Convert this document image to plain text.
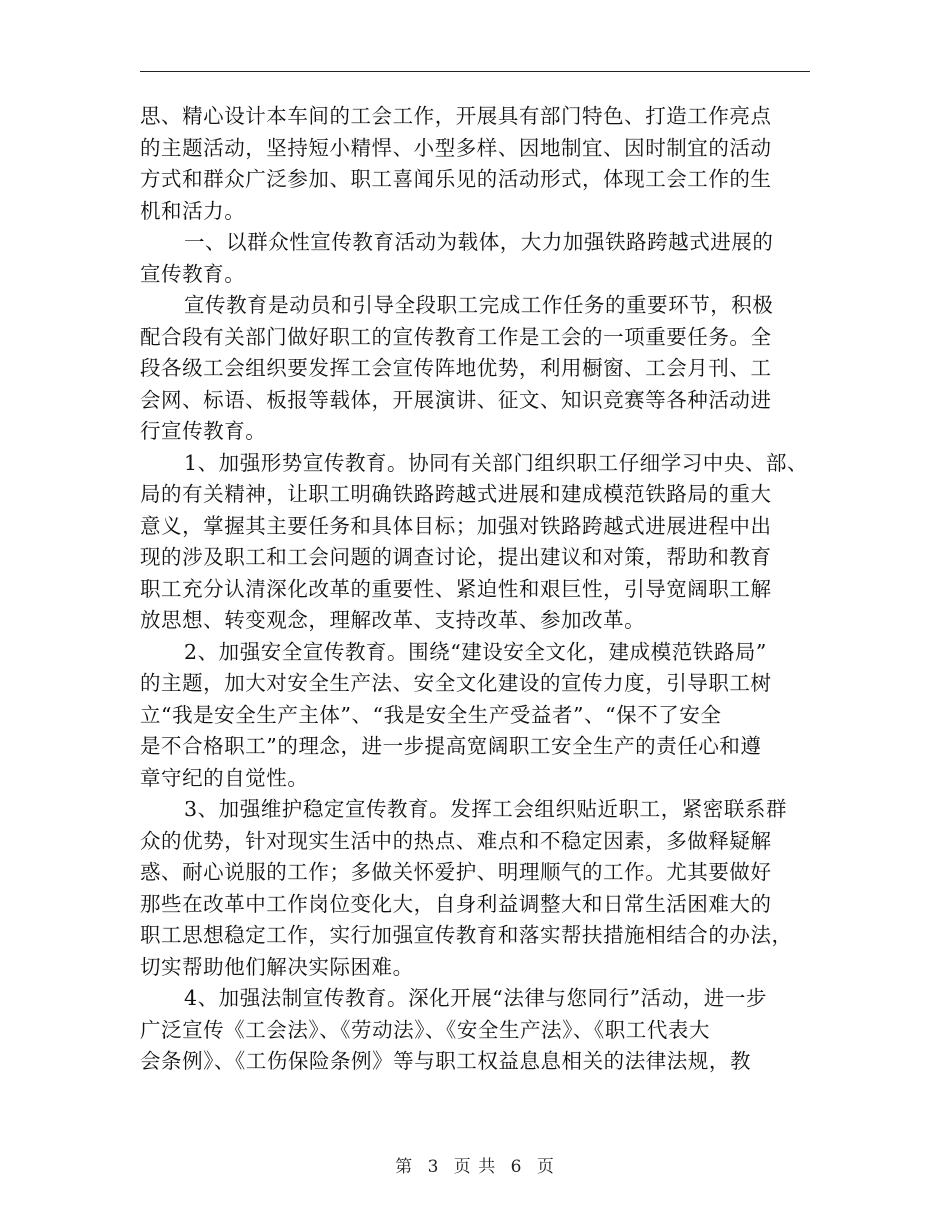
思、精心设计本车间的工会工作，开展具有部门特色、打造工作亮点
的主题活动，坚持短小精悍、小型多样、因地制宜、因时制宜的活动
方式和群众广泛参加、职工喜闻乐见的活动形式，体现工会工作的生
机和活力。
一、以群众性宣传教育活动为载体，大力加强铁路跨越式进展的
宣传教育。
宣传教育是动员和引导全段职工完成工作任务的重要环节，积极
配合段有关部门做好职工的宣传教育工作是工会的一项重要任务。全
段各级工会组织要发挥工会宣传阵地优势，利用橱窗、工会月刊、工
会网、标语、板报等载体，开展演讲、征文、知识竞赛等各种活动进
行宣传教育。
1、加强形势宣传教育。协同有关部门组织职工仔细学习中央、部、
局的有关精神，让职工明确铁路跨越式进展和建成模范铁路局的重大
意义，掌握其主要任务和具体目标；加强对铁路跨越式进展进程中出
现的涉及职工和工会问题的调查讨论，提出建议和对策，帮助和教育
职工充分认清深化改革的重要性、紧迫性和艰巨性，引导宽阔职工解
放思想、转变观念，理解改革、支持改革、参加改革。
2、加强安全宣传教育。围绕“建设安全文化，建成模范铁路局”
的主题，加大对安全生产法、安全文化建设的宣传力度，引导职工树
立“我是安全生产主体”、“我是安全生产受益者”、“保不了安全
是不合格职工”的理念，进一步提高宽阔职工安全生产的责任心和遵
章守纪的自觉性。
3、加强维护稳定宣传教育。发挥工会组织贴近职工，紧密联系群
众的优势，针对现实生活中的热点、难点和不稳定因素，多做释疑解
惑、耐心说服的工作；多做关怀爱护、明理顺气的工作。尤其要做好
那些在改革中工作岗位变化大，自身利益调整大和日常生活困难大的
职工思想稳定工作，实行加强宣传教育和落实帮扶措施相结合的办法，
切实帮助他们解决实际困难。
4、加强法制宣传教育。深化开展“法律与您同行”活动，进一步
广泛宣传《工会法》、《劳动法》、《安全生产法》、《职工代表大
会条例》、《工伤保险条例》等与职工权益息息相关的法律法规，教
第 3 页 共 6 页
